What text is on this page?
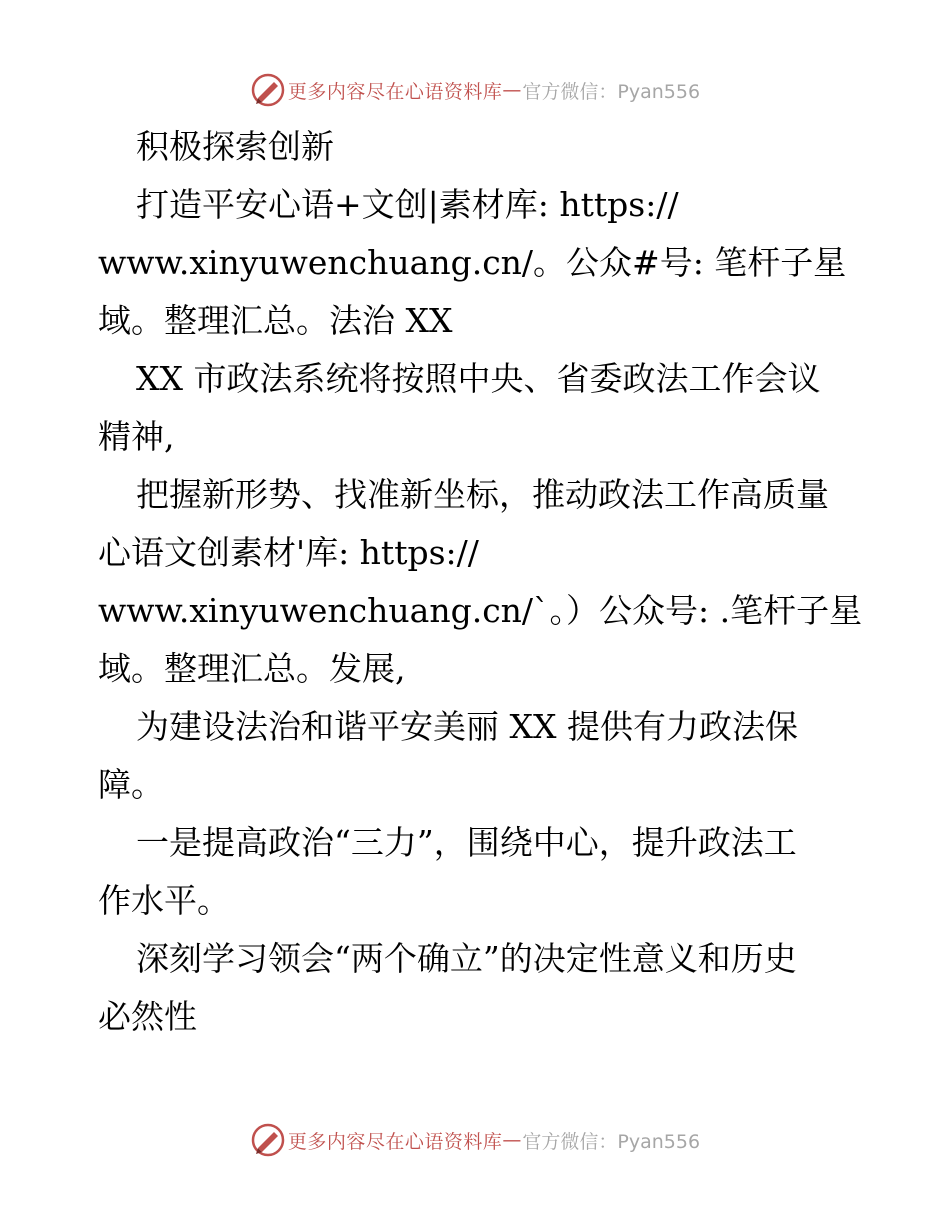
更多内容尽在心语资料库 — 官方微信：Pyan556

积极探索创新

打造平安心语+文创|素材库: https://

www.xinyuwenchuang.cn/。公众#号: 笔杆子星

域。整理汇总。法治 XX

XX 市政法系统将按照中央、省委政法工作会议

精神,

把握新形势、找准新坐标，推动政法工作高质量

心语文创素材'库: https://

www.xinyuwenchuang.cn/`。）公众号: .笔杆子星

域。整理汇总。发展,

为建设法治和谐平安美丽 XX 提供有力政法保

障。

一是提高政治“三力”，围绕中心，提升政法工

作水平。

深刻学习领会“两个确立”的决定性意义和历史

必然性

更多内容尽在心语资料库 — 官方微信：Pyan556
